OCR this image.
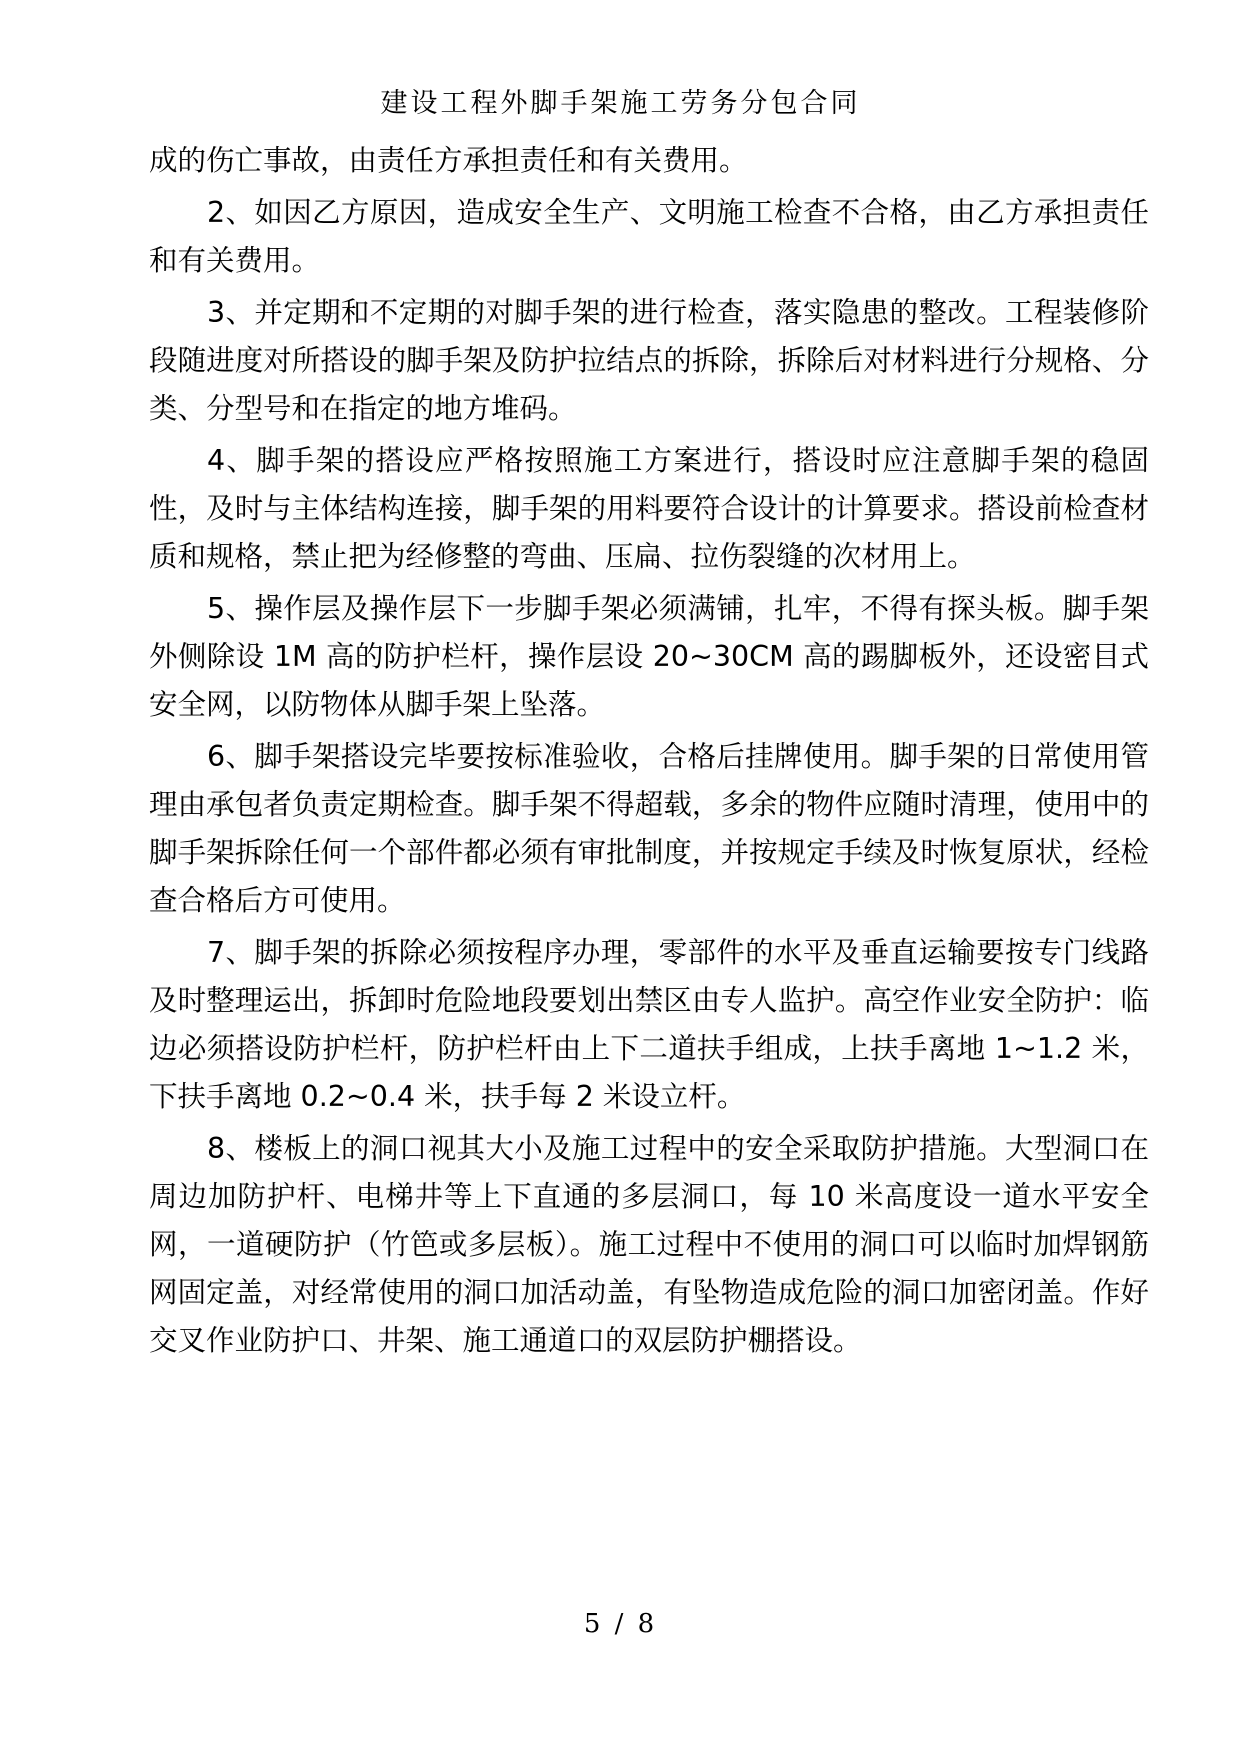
建设工程外脚手架施工劳务分包合同

成的伤亡事故，由责任方承担责任和有关费用。

2、如因乙方原因，造成安全生产、文明施工检查不合格，由乙方承担责任和有关费用。

3、并定期和不定期的对脚手架的进行检查，落实隐患的整改。工程装修阶段随进度对所搭设的脚手架及防护拉结点的拆除，拆除后对材料进行分规格、分类、分型号和在指定的地方堆码。

4、脚手架的搭设应严格按照施工方案进行，搭设时应注意脚手架的稳固性，及时与主体结构连接，脚手架的用料要符合设计的计算要求。搭设前检查材质和规格，禁止把为经修整的弯曲、压扁、拉伤裂缝的次材用上。

5、操作层及操作层下一步脚手架必须满铺，扎牢，不得有探头板。脚手架外侧除设 1M 高的防护栏杆，操作层设 20~30CM 高的踢脚板外，还设密目式安全网，以防物体从脚手架上坠落。

6、脚手架搭设完毕要按标准验收，合格后挂牌使用。脚手架的日常使用管理由承包者负责定期检查。脚手架不得超载，多余的物件应随时清理，使用中的脚手架拆除任何一个部件都必须有审批制度，并按规定手续及时恢复原状，经检查合格后方可使用。

7、脚手架的拆除必须按程序办理，零部件的水平及垂直运输要按专门线路及时整理运出，拆卸时危险地段要划出禁区由专人监护。高空作业安全防护：临边必须搭设防护栏杆，防护栏杆由上下二道扶手组成，上扶手离地 1~1.2 米，下扶手离地 0.2~0.4 米，扶手每 2 米设立杆。

8、楼板上的洞口视其大小及施工过程中的安全采取防护措施。大型洞口在周边加防护杆、电梯井等上下直通的多层洞口，每 10 米高度设一道水平安全网，一道硬防护（竹笆或多层板）。施工过程中不使用的洞口可以临时加焊钢筋网固定盖，对经常使用的洞口加活动盖，有坠物造成危险的洞口加密闭盖。作好交叉作业防护口、井架、施工通道口的双层防护棚搭设。

5 / 8
